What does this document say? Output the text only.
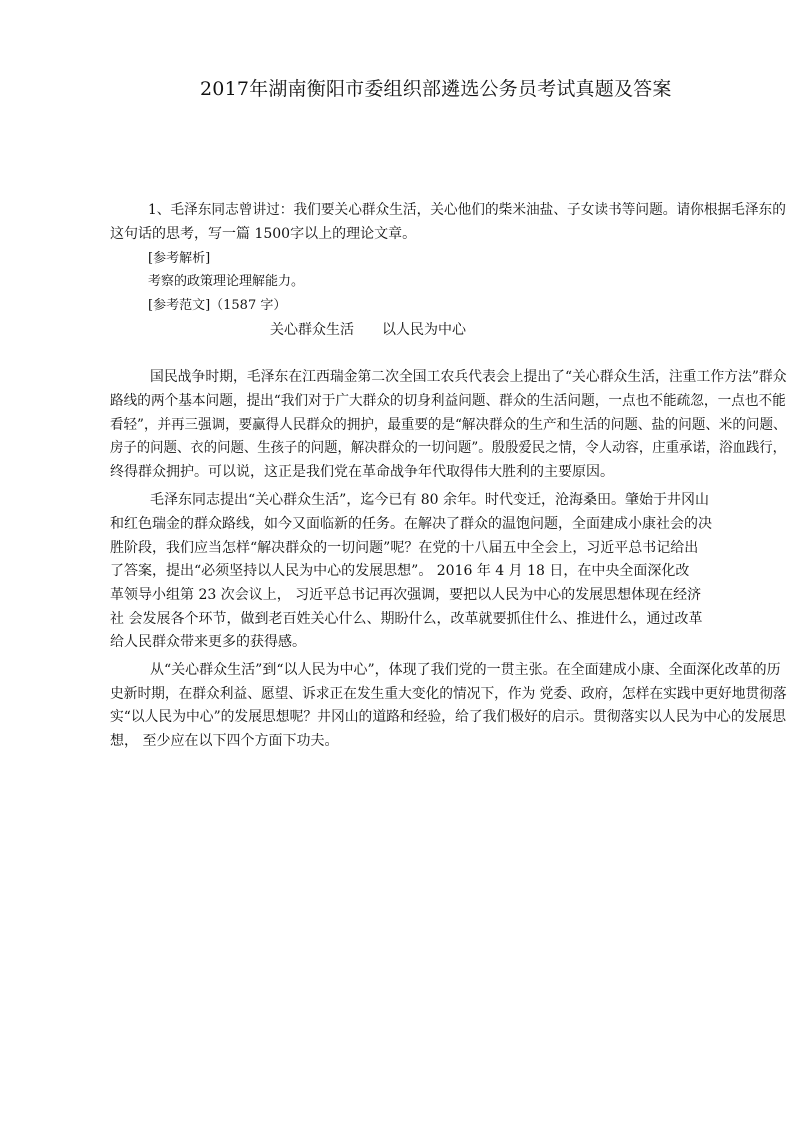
2017年湖南衡阳市委组织部遴选公务员考试真题及答案
1、毛泽东同志曾讲过：我们要关心群众生活，关心他们的柴米油盐、子女读书等问题。请你根据毛泽东的
这句话的思考，写一篇 1500字以上的理论文章。
[参考解析]
考察的政策理论理解能力。
[参考范文]（1587 字）
关心群众生活　　以人民为中心
国民战争时期，毛泽东在江西瑞金第二次全国工农兵代表会上提出了“关心群众生活，注重工作方法”群众
路线的两个基本问题，提出“我们对于广大群众的切身利益问题、群众的生活问题，一点也不能疏忽，一点也不能
看轻”，并再三强调，要赢得人民群众的拥护，最重要的是“解决群众的生产和生活的问题、盐的问题、米的问题、
房子的问题、衣的问题、生孩子的问题，解决群众的一切问题”。殷殷爱民之情，令人动容，庄重承诺，浴血践行，
终得群众拥护。可以说，这正是我们党在革命战争年代取得伟大胜利的主要原因。
毛泽东同志提出“关心群众生活”，迄今已有 80 余年。时代变迁，沧海桑田。肇始于井冈山
和红色瑞金的群众路线，如今又面临新的任务。在解决了群众的温饱问题，全面建成小康社会的决
胜阶段，我们应当怎样“解决群众的一切问题”呢？在党的十八届五中全会上，习近平总书记给出
了答案，提出“必须坚持以人民为中心的发展思想”。 2016 年 4 月 18 日，在中央全面深化改
革领导小组第 23 次会议上， 习近平总书记再次强调，要把以人民为中心的发展思想体现在经济
社 会发展各个环节，做到老百姓关心什么、期盼什么，改革就要抓住什么、推进什么，通过改革
给人民群众带来更多的获得感。
从“关心群众生活”到“以人民为中心”，体现了我们党的一贯主张。在全面建成小康、全面深化改革的历
史新时期，在群众利益、愿望、诉求正在发生重大变化的情况下，作为 党委、政府，怎样在实践中更好地贯彻落
实“以人民为中心”的发展思想呢？井冈山的道路和经验，给了我们极好的启示。贯彻落实以人民为中心的发展思
想， 至少应在以下四个方面下功夫。
